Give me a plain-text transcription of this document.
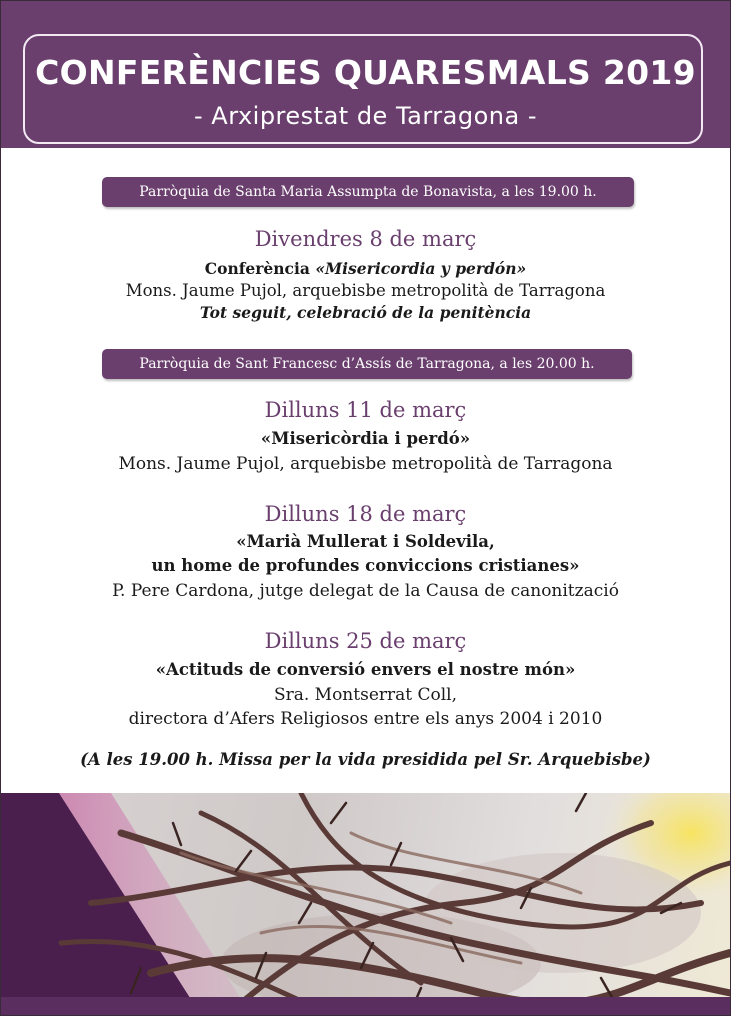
CONFERÈNCIES QUARESMALS 2019
- Arxiprestat de Tarragona -
Parròquia de Santa Maria Assumpta de Bonavista, a les 19.00 h.
Divendres 8 de març
Conferència «Misericordia y perdón»
Mons. Jaume Pujol, arquebisbe metropolità de Tarragona
Tot seguit, celebració de la penitència
Parròquia de Sant Francesc d’Assís de Tarragona, a les 20.00 h.
Dilluns 11 de març
«Misericòrdia i perdó»
Mons. Jaume Pujol, arquebisbe metropolità de Tarragona
Dilluns 18 de març
«Marià Mullerat i Soldevila,
un home de profundes conviccions cristianes»
P. Pere Cardona, jutge delegat de la Causa de canonització
Dilluns 25 de març
«Actituds de conversió envers el nostre món»
Sra. Montserrat Coll,
directora d’Afers Religiosos entre els anys 2004 i 2010
(A les 19.00 h. Missa per la vida presidida pel Sr. Arquebisbe)
